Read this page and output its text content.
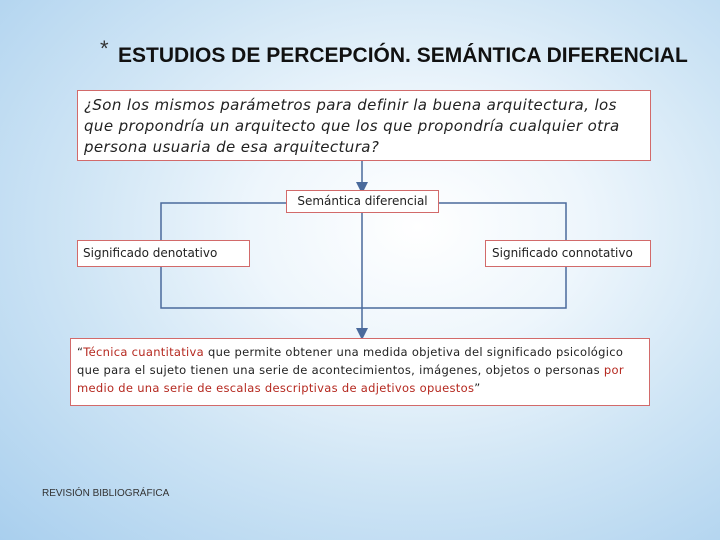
* ESTUDIOS DE PERCEPCIÓN. SEMÁNTICA DIFERENCIAL
¿Son los mismos parámetros para definir la buena arquitectura, los que propondría un arquitecto que los que propondría cualquier otra persona usuaria de esa arquitectura?
Semántica diferencial
Significado denotativo	Significado connotativo
“Técnica cuantitativa que permite obtener una medida objetiva del significado psicológico que para el sujeto tienen una serie de acontecimientos, imágenes, objetos o personas por medio de una serie de escalas descriptivas de adjetivos opuestos”
REVISIÓN BIBLIOGRÁFICA
